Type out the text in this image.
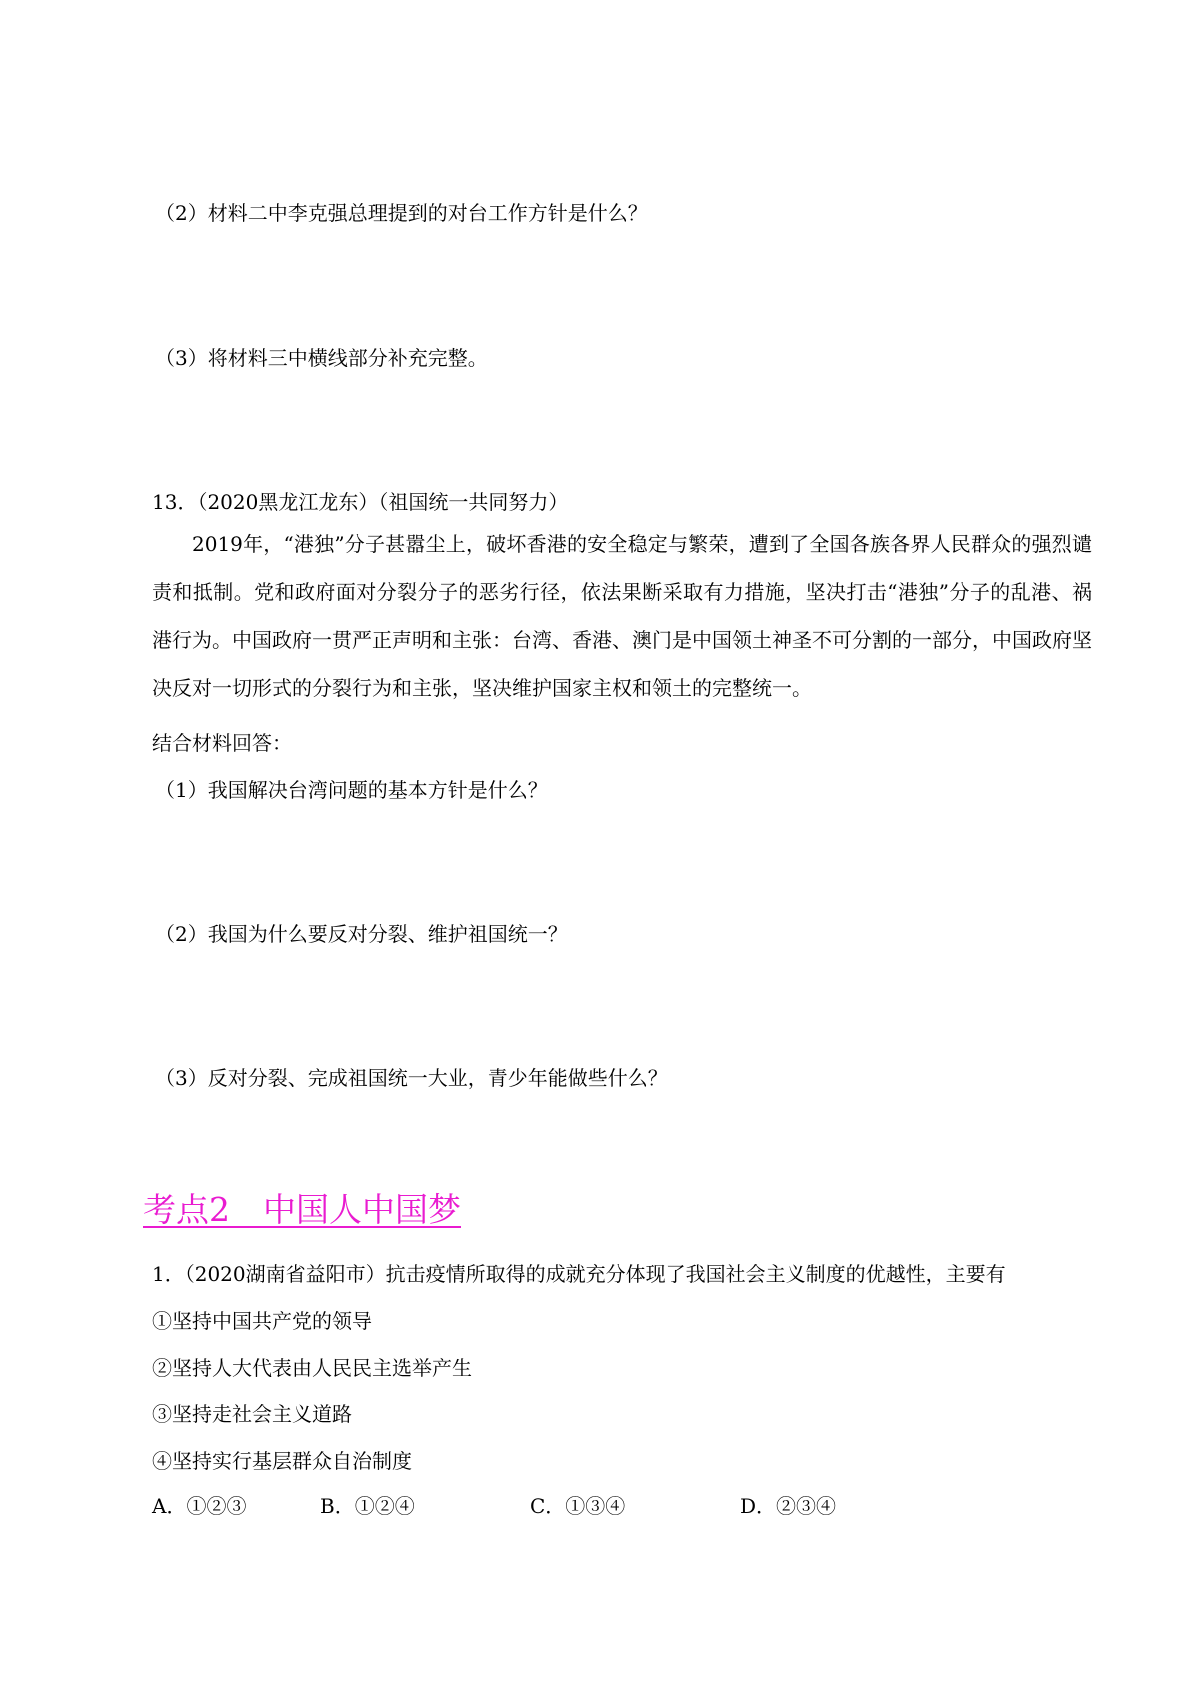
（2）材料二中李克强总理提到的对台工作方针是什么？
（3）将材料三中横线部分补充完整。
13．（2020黑龙江龙东）（祖国统一共同努力）
2019年，“港独”分子甚嚣尘上，破坏香港的安全稳定与繁荣，遭到了全国各族各界人民群众的强烈谴责和抵制。党和政府面对分裂分子的恶劣行径，依法果断采取有力措施，坚决打击“港独”分子的乱港、祸港行为。中国政府一贯严正声明和主张：台湾、香港、澳门是中国领土神圣不可分割的一部分，中国政府坚决反对一切形式的分裂行为和主张，坚决维护国家主权和领土的完整统一。
结合材料回答：
（1）我国解决台湾问题的基本方针是什么？
（2）我国为什么要反对分裂、维护祖国统一？
（3）反对分裂、完成祖国统一大业，青少年能做些什么？
考点2　中国人中国梦
1．（2020湖南省益阳市）抗击疫情所取得的成就充分体现了我国社会主义制度的优越性，主要有
①坚持中国共产党的领导
②坚持人大代表由人民民主选举产生
③坚持走社会主义道路
④坚持实行基层群众自治制度
A．①②③	B．①②④	C．①③④	D．②③④
